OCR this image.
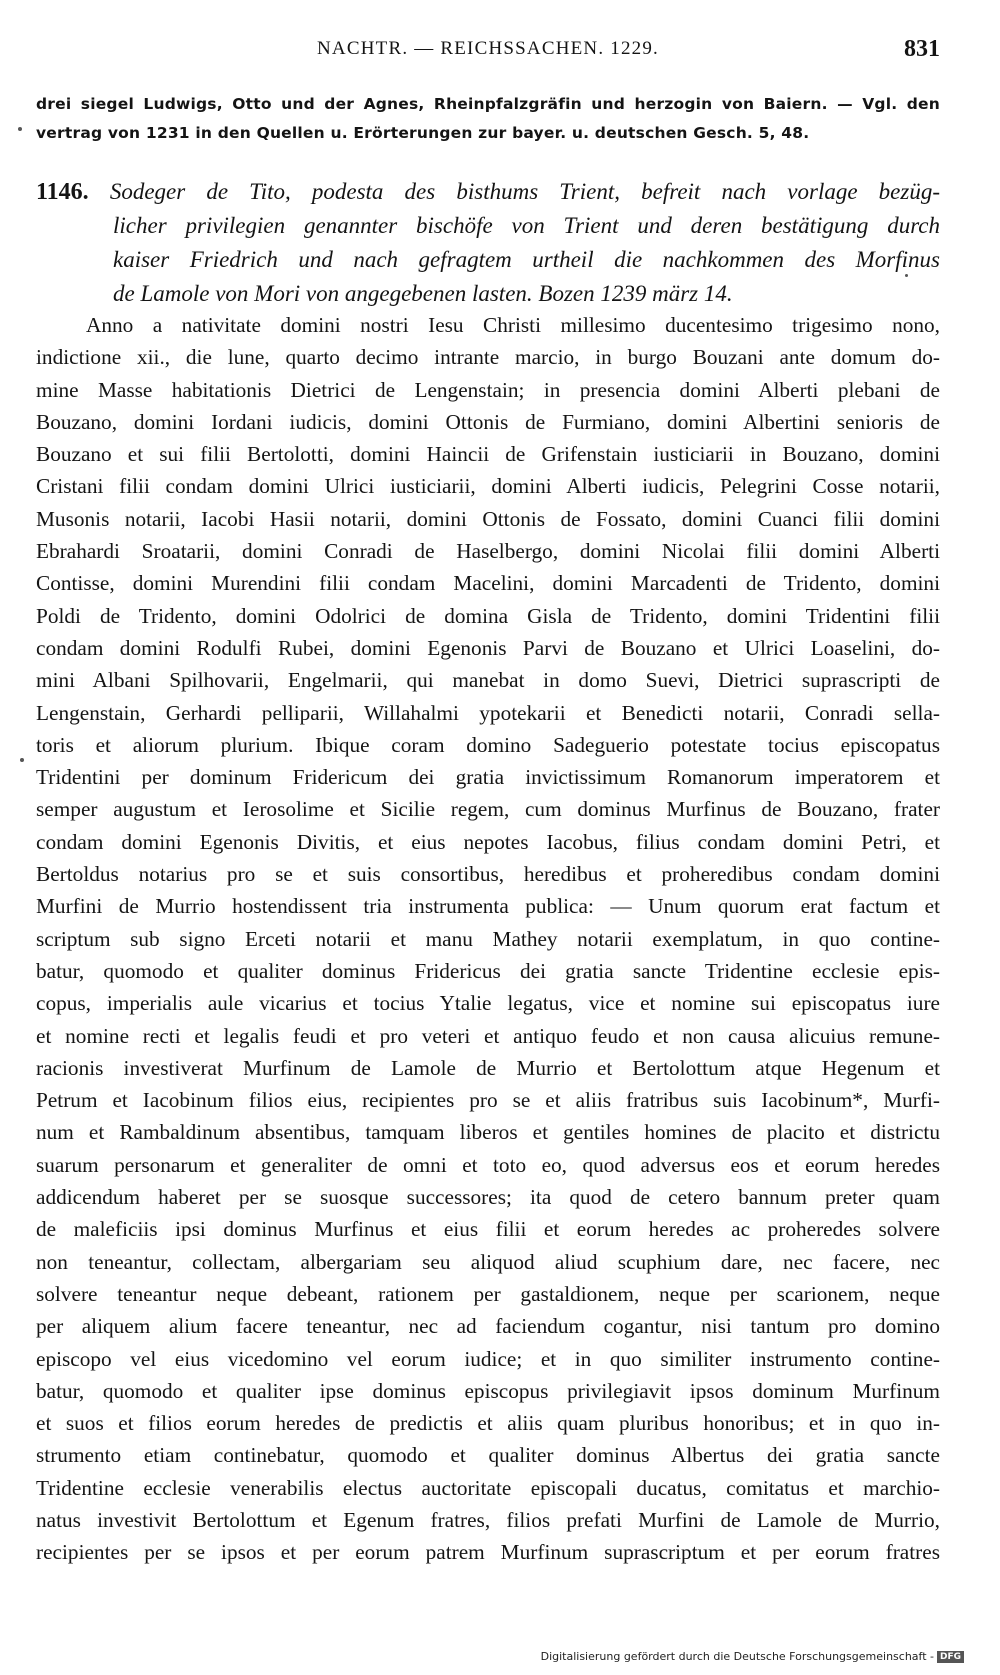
NACHTR. — REICHSSACHEN. 1229.	831
drei siegel Ludwigs, Otto und der Agnes, Rheinpfalzgräfin und herzogin von Baiern. — Vgl. den
vertrag von 1231 in den Quellen u. Erörterungen zur bayer. u. deutschen Gesch. 5, 48.

1146. Sodeger de Tito, podesta des bisthums Trient, befreit nach vorlage bezüg-

licher privilegien genannter bischöfe von Trient und deren bestätigung durch

kaiser Friedrich und nach gefragtem urtheil die nachkommen des Morfinus

de Lamole von Mori von angegebenen lasten. Bozen 1239 märz 14.

Anno a nativitate domini nostri Iesu Christi millesimo ducentesimo trigesimo nono,
indictione xii., die lune, quarto decimo intrante marcio, in burgo Bouzani ante domum do-
mine Masse habitationis Dietrici de Lengenstain; in presencia domini Alberti plebani de
Bouzano, domini Iordani iudicis, domini Ottonis de Furmiano, domini Albertini senioris de
Bouzano et sui filii Bertolotti, domini Haincii de Grifenstain iusticiarii in Bouzano, domini
Cristani filii condam domini Ulrici iusticiarii, domini Alberti iudicis, Pelegrini Cosse notarii,
Musonis notarii, Iacobi Hasii notarii, domini Ottonis de Fossato, domini Cuanci filii domini
Ebrahardi Sroatarii, domini Conradi de Haselbergo, domini Nicolai filii domini Alberti
Contisse, domini Murendini filii condam Macelini, domini Marcadenti de Tridento, domini
Poldi de Tridento, domini Odolrici de domina Gisla de Tridento, domini Tridentini filii
condam domini Rodulfi Rubei, domini Egenonis Parvi de Bouzano et Ulrici Loaselini, do-
mini Albani Spilhovarii, Engelmarii, qui manebat in domo Suevi, Dietrici suprascripti de
Lengenstain, Gerhardi pelliparii, Willahalmi ypotekarii et Benedicti notarii, Conradi sella-
toris et aliorum plurium. Ibique coram domino Sadeguerio potestate tocius episcopatus
Tridentini per dominum Fridericum dei gratia invictissimum Romanorum imperatorem et
semper augustum et Ierosolime et Sicilie regem, cum dominus Murfinus de Bouzano, frater
condam domini Egenonis Divitis, et eius nepotes Iacobus, filius condam domini Petri, et
Bertoldus notarius pro se et suis consortibus, heredibus et proheredibus condam domini
Murfini de Murrio hostendissent tria instrumenta publica: — Unum quorum erat factum et
scriptum sub signo Erceti notarii et manu Mathey notarii exemplatum, in quo contine-
batur, quomodo et qualiter dominus Fridericus dei gratia sancte Tridentine ecclesie epis-
copus, imperialis aule vicarius et tocius Ytalie legatus, vice et nomine sui episcopatus iure
et nomine recti et legalis feudi et pro veteri et antiquo feudo et non causa alicuius remune-
racionis investiverat Murfinum de Lamole de Murrio et Bertolottum atque Hegenum et
Petrum et Iacobinum filios eius, recipientes pro se et aliis fratribus suis Iacobinum*, Murfi-
num et Rambaldinum absentibus, tamquam liberos et gentiles homines de placito et districtu
suarum personarum et generaliter de omni et toto eo, quod adversus eos et eorum heredes
addicendum haberet per se suosque successores; ita quod de cetero bannum preter quam
de maleficiis ipsi dominus Murfinus et eius filii et eorum heredes ac proheredes solvere
non teneantur, collectam, albergariam seu aliquod aliud scuphium dare, nec facere, nec
solvere teneantur neque debeant, rationem per gastaldionem, neque per scarionem, neque
per aliquem alium facere teneantur, nec ad faciendum cogantur, nisi tantum pro domino
episcopo vel eius vicedomino vel eorum iudice; et in quo similiter instrumento contine-
batur, quomodo et qualiter ipse dominus episcopus privilegiavit ipsos dominum Murfinum
et suos et filios eorum heredes de predictis et aliis quam pluribus honoribus; et in quo in-
strumento etiam continebatur, quomodo et qualiter dominus Albertus dei gratia sancte
Tridentine ecclesie venerabilis electus auctoritate episcopali ducatus, comitatus et marchio-
natus investivit Bertolottum et Egenum fratres, filios prefati Murfini de Lamole de Murrio,
recipientes per se ipsos et per eorum patrem Murfinum suprascriptum et per eorum fratres
Digitalisierung gefördert durch die Deutsche Forschungsgemeinschaft - DFG
